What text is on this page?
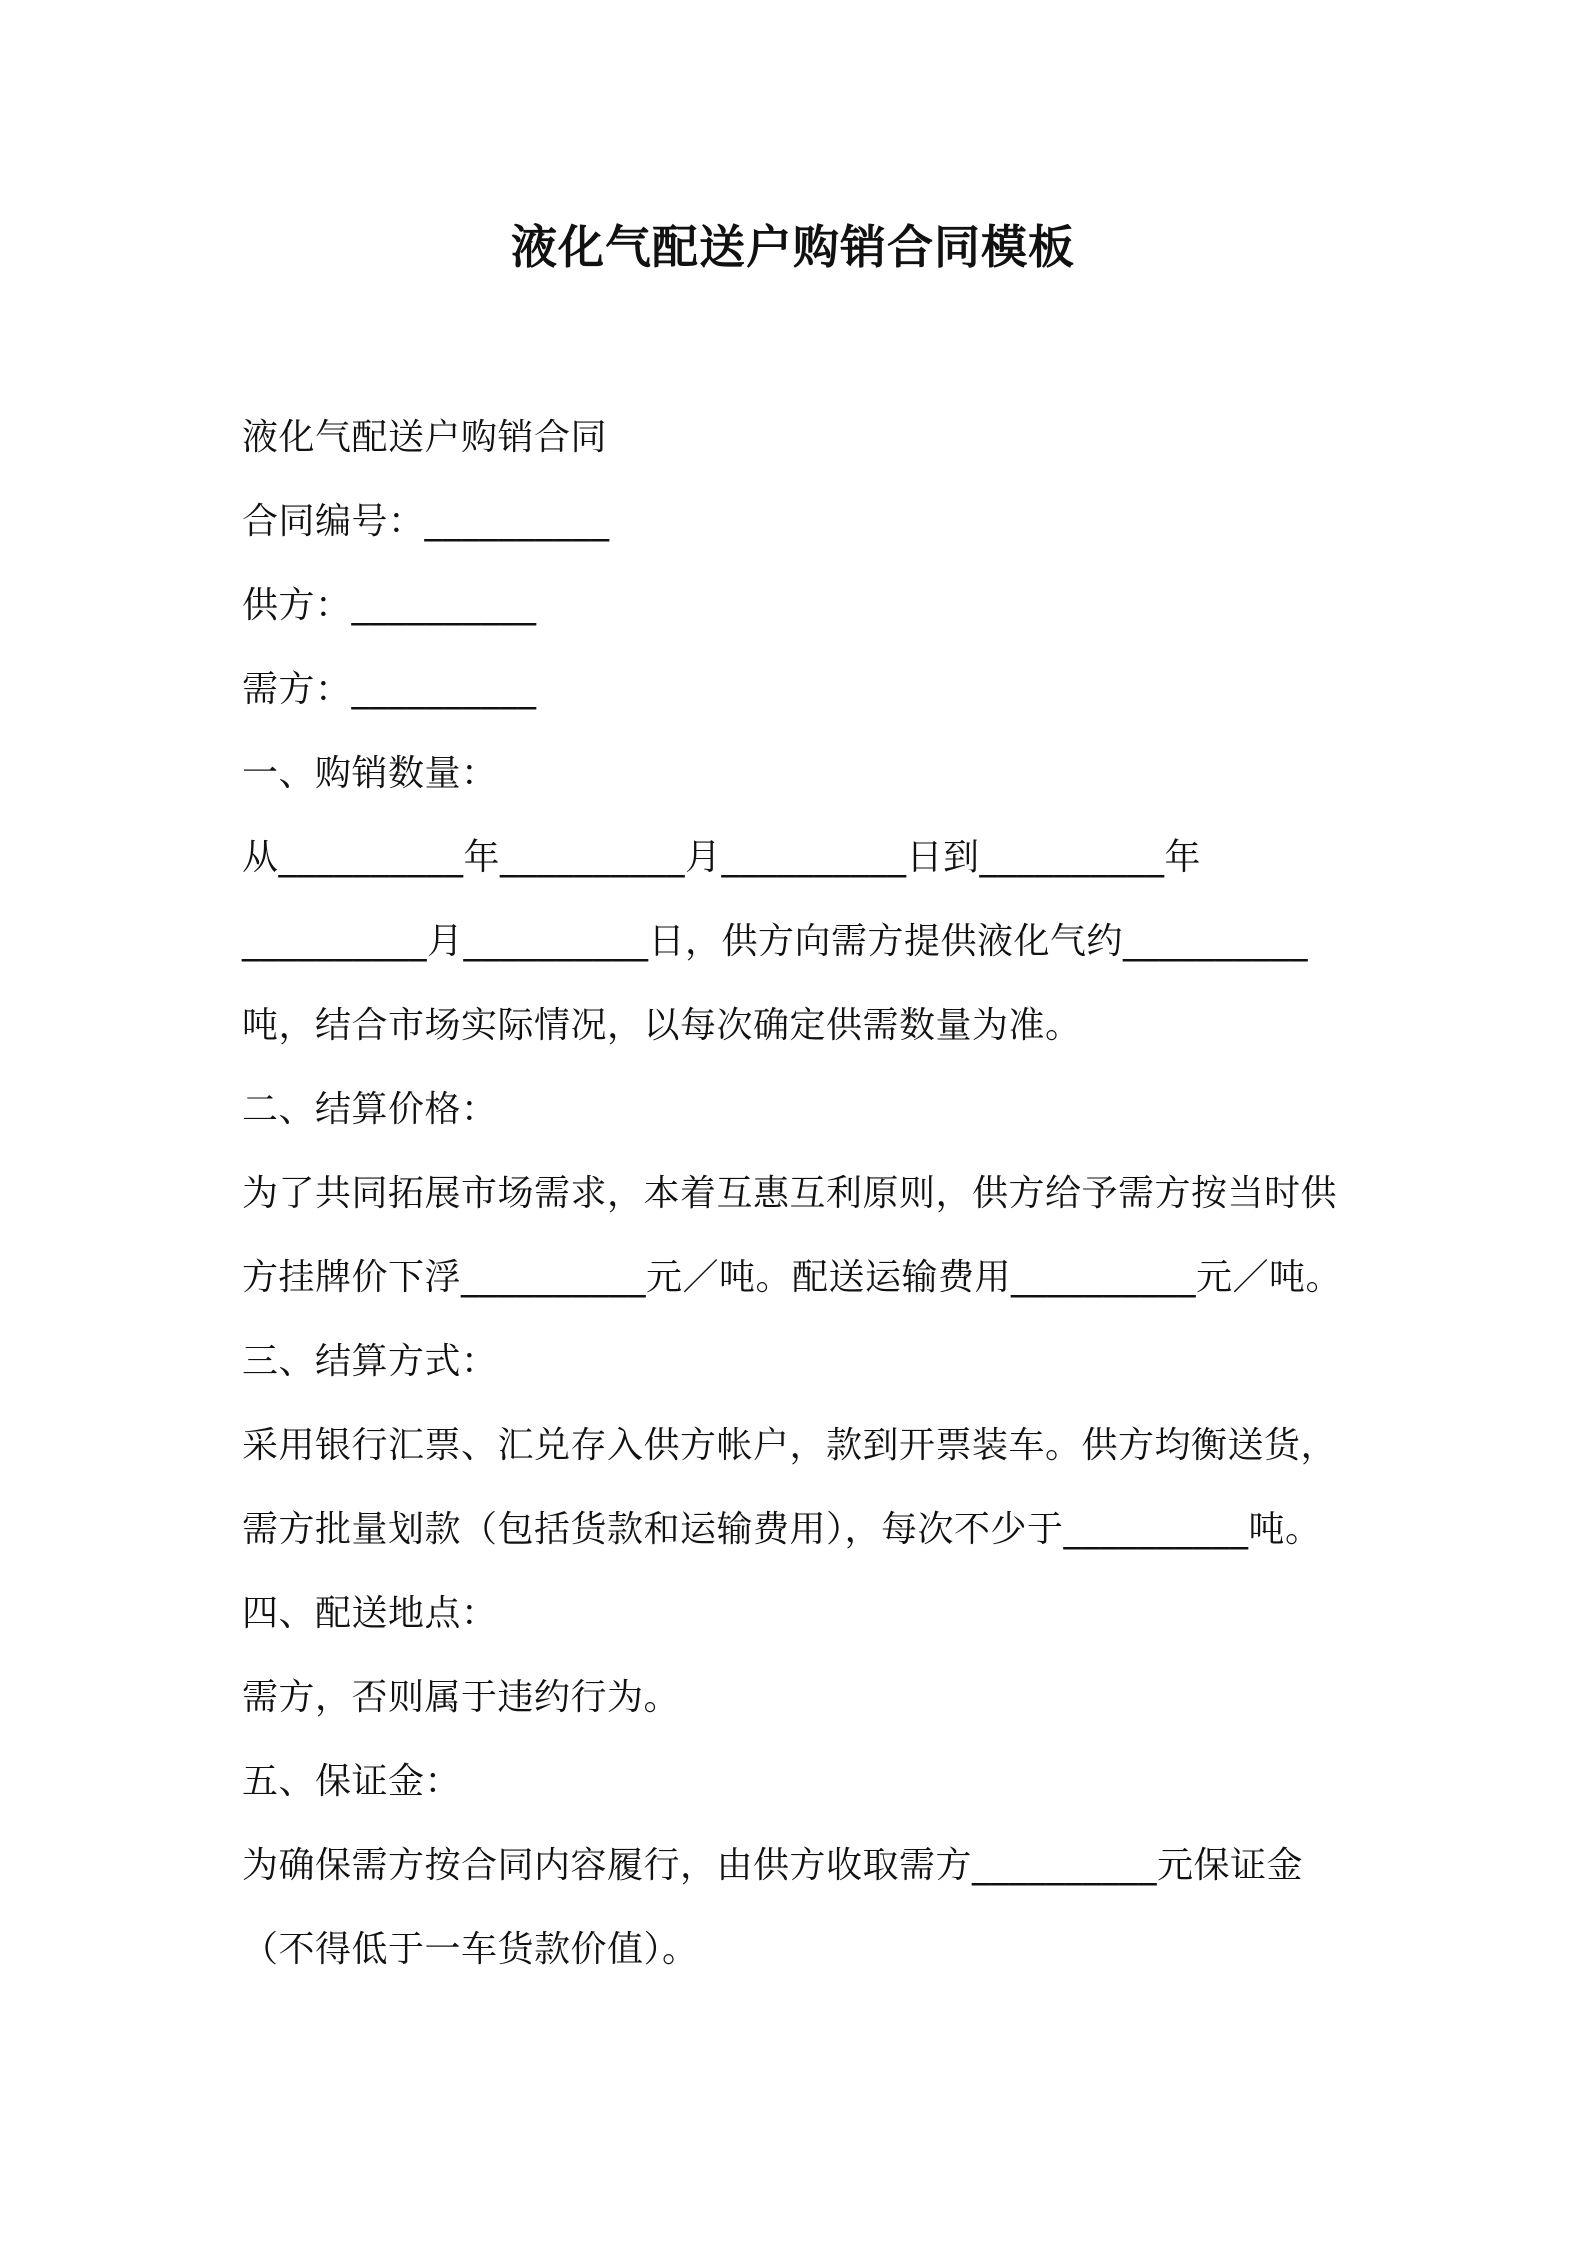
液化气配送户购销合同模板
液化气配送户购销合同
合同编号：__________
供方：__________
需方：__________
一、购销数量：
从__________年__________月__________日到__________年
__________月__________日，供方向需方提供液化气约__________
吨，结合市场实际情况，以每次确定供需数量为准。
二、结算价格：
为了共同拓展市场需求，本着互惠互利原则，供方给予需方按当时供
方挂牌价下浮__________元／吨。配送运输费用__________元／吨。
三、结算方式：
采用银行汇票、汇兑存入供方帐户，款到开票装车。供方均衡送货，
需方批量划款（包括货款和运输费用），每次不少于__________吨。
四、配送地点：
需方，否则属于违约行为。
五、保证金：
为确保需方按合同内容履行，由供方收取需方__________元保证金
（不得低于一车货款价值）。
